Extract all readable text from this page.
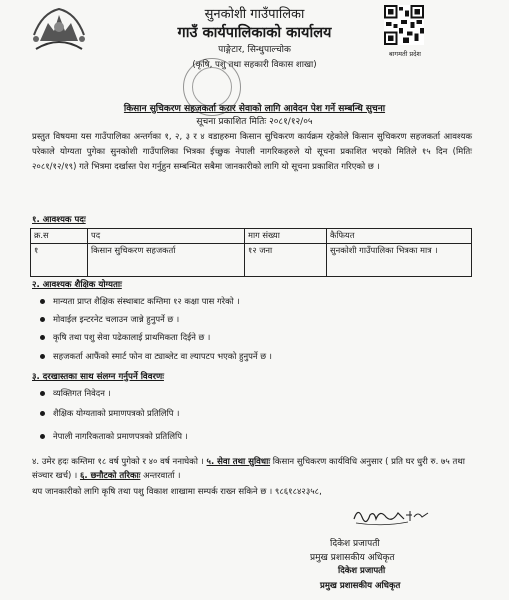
सुनकोशी गाउँपालिका
गाउँ कार्यपालिकाको कार्यालय
पाङ्गेटार, सिन्धुपाल्चोक
(कृषि, पशु तथा सहकारी विकास शाखा)
बागमती प्रदेश
किसान सुचिकरण सहजकर्ता करार सेवाको लागि आवेदन पेश गर्ने सम्बन्धि सुचना
सूचना प्रकाशित मितिः २०८१/१२/०५

प्रस्तुत विषयमा यस गाउँपालिका अन्तर्गका १, २, ३ र ४ वडाहरुमा किसान सुचिकरण कार्यक्रम रहेकोले किसान सुचिकरण सहजकर्ता आवश्यक परेकाले योग्यता पुगेका सुनकोशी गाउँपालिका भित्रका ईच्छुक नेपाली नागरिकहरुले यो सूचना प्रकाशित भएको मितिले १५ दिन (मितिः २०८१/१२/१९) गते भित्रमा दर्खास्त पेश गर्नुहुन सम्बन्धित सबैमा जानकारीको लागि यो सूचना प्रकाशित गरिएको छ ।

१. आवश्यक पदः
क्र.स	पद	माग संख्या	कैफियत
१	किसान सुचिकरण सहजकर्ता	१२ जना	सुनकोशी गाउँपालिका भित्रका मात्र ।
२. आवश्यक शैक्षिक योग्यताः
मान्यता प्राप्त शैक्षिक संस्थाबाट कम्तिमा १२ कक्षा पास गरेको ।
मोवाईल इन्टरनेट चलाउन जान्ने हुनुपर्ने छ ।
कृषि तथा पशु सेवा पढेकालाई प्राथमिकता दिईने छ ।
सहजकर्ता आफैंको स्मार्ट फोन वा ट्याब्लेट वा ल्यापटप भएको हुनुपर्ने छ ।
३. दरखास्तका साथ संलग्न गर्नुपर्ने विवरणः
व्यक्तिगत निवेदन ।
शैक्षिक योग्यताको प्रमाणपत्रको प्रतिलिपि ।
नेपाली नागरिकताको प्रमाणपत्रको प्रतिलिपि ।

४. उमेर हदः कम्तिमा १८ वर्ष पुगेको र ४० वर्ष ननाघेको । ५. सेवा तथा सुविधाः किसान सुचिकरण कार्यविधि अनुसार ( प्रति घर धुरी रु. ७५ तथा संञ्चार खर्च) । ६. छनौटको तरिकाः अन्तरवार्ता ।

थप जानकारीको लागि कृषि तथा पशु विकाश शाखामा सम्पर्क राख्न सकिने छ । ९८६१८४२३५८,
दिकेश प्रजापती
प्रमुख प्रशासकीय अधिकृत
दिकेश प्रजापती
प्रमुख प्रशासकीय अधिकृत
